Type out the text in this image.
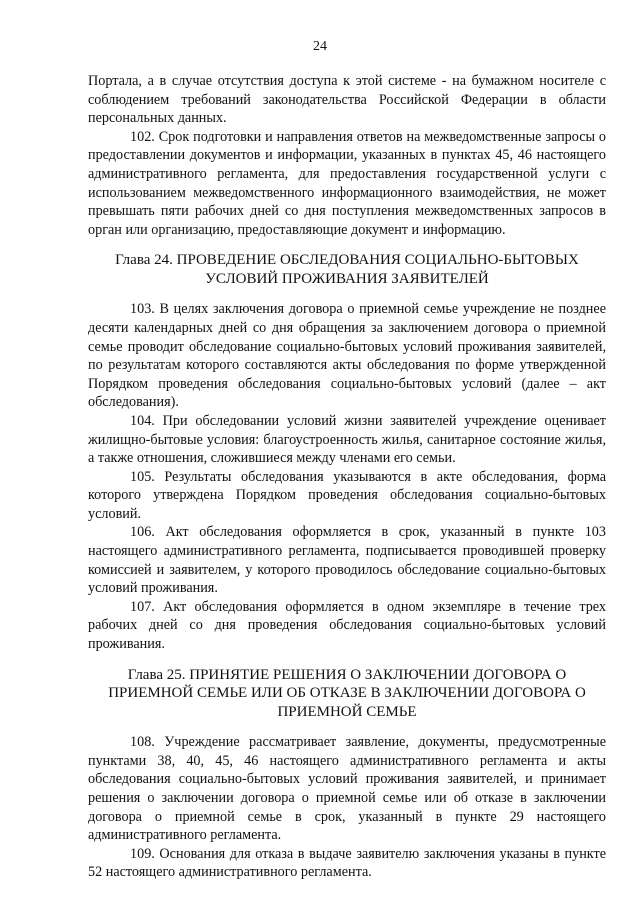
24

Портала, а в случае отсутствия доступа к этой системе - на бумажном носителе с соблюдением требований законодательства Российской Федерации в области персональных данных.

102. Срок подготовки и направления ответов на межведомственные запросы о предоставлении документов и информации, указанных в пунктах 45, 46 настоящего административного регламента, для предоставления государственной услуги с использованием межведомственного информационного взаимодействия, не может превышать пяти рабочих дней со дня поступления межведомственных запросов в орган или организацию, предоставляющие документ и информацию.

Глава 24. ПРОВЕДЕНИЕ ОБСЛЕДОВАНИЯ СОЦИАЛЬНО-БЫТОВЫХ
УСЛОВИЙ ПРОЖИВАНИЯ ЗАЯВИТЕЛЕЙ

103. В целях заключения договора о приемной семье учреждение не позднее десяти календарных дней со дня обращения за заключением договора о приемной семье проводит обследование социально-бытовых условий проживания заявителей, по результатам которого составляются акты обследования по форме утвержденной Порядком проведения обследования социально-бытовых условий (далее – акт обследования).

104. При обследовании условий жизни заявителей учреждение оценивает жилищно-бытовые условия: благоустроенность жилья, санитарное состояние жилья, а также отношения, сложившиеся между членами его семьи.

105. Результаты обследования указываются в акте обследования, форма которого утверждена Порядком проведения обследования социально-бытовых условий.

106. Акт обследования оформляется в срок, указанный в пункте 103 настоящего административного регламента, подписывается проводившей проверку комиссией и заявителем, у которого проводилось обследование социально-бытовых условий проживания.

107. Акт обследования оформляется в одном экземпляре в течение трех рабочих дней со дня проведения обследования социально-бытовых условий проживания.

Глава 25. ПРИНЯТИЕ РЕШЕНИЯ О ЗАКЛЮЧЕНИИ ДОГОВОРА О
ПРИЕМНОЙ СЕМЬЕ ИЛИ ОБ ОТКАЗЕ В ЗАКЛЮЧЕНИИ ДОГОВОРА О
ПРИЕМНОЙ СЕМЬЕ

108. Учреждение рассматривает заявление, документы, предусмотренные пунктами 38, 40, 45, 46 настоящего административного регламента и акты обследования социально-бытовых условий проживания заявителей, и принимает решения о заключении договора о приемной семье или об отказе в заключении договора о приемной семье в срок, указанный в пункте 29 настоящего административного регламента.

109. Основания для отказа в выдаче заявителю заключения указаны в пункте 52 настоящего административного регламента.
